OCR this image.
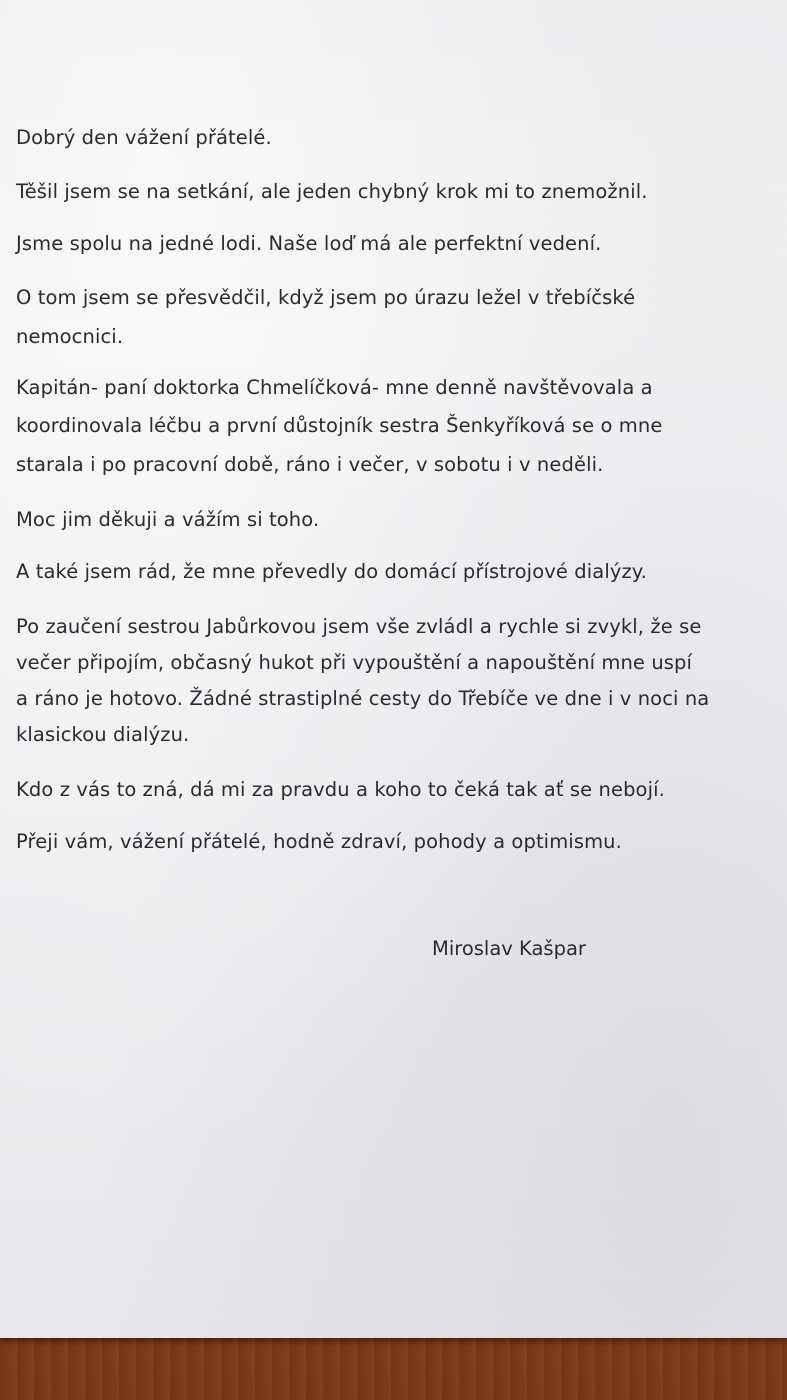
Dobrý den vážení přátelé.

Těšil jsem se na setkání, ale jeden chybný krok mi to znemožnil.

Jsme spolu na jedné lodi. Naše loď má ale perfektní vedení.

O tom jsem se přesvědčil, když jsem po úrazu ležel v třebíčské

nemocnici.

Kapitán- paní doktorka Chmelíčková- mne denně navštěvovala a

koordinovala léčbu a první důstojník sestra Šenkyříková se o mne

starala i po pracovní době, ráno i večer, v sobotu i v neděli.

Moc jim děkuji a vážím si toho.

A také jsem rád, že mne převedly do domácí přístrojové dialýzy.

Po zaučení sestrou Jabůrkovou jsem vše zvládl a rychle si zvykl, že se

večer připojím, občasný hukot při vypouštění a napouštění mne uspí

a ráno je hotovo. Žádné strastiplné cesty do Třebíče ve dne i v noci na

klasickou dialýzu.

Kdo z vás to zná, dá mi za pravdu a koho to čeká tak ať se nebojí.

Přeji vám, vážení přátelé, hodně zdraví, pohody a optimismu.

Miroslav Kašpar
